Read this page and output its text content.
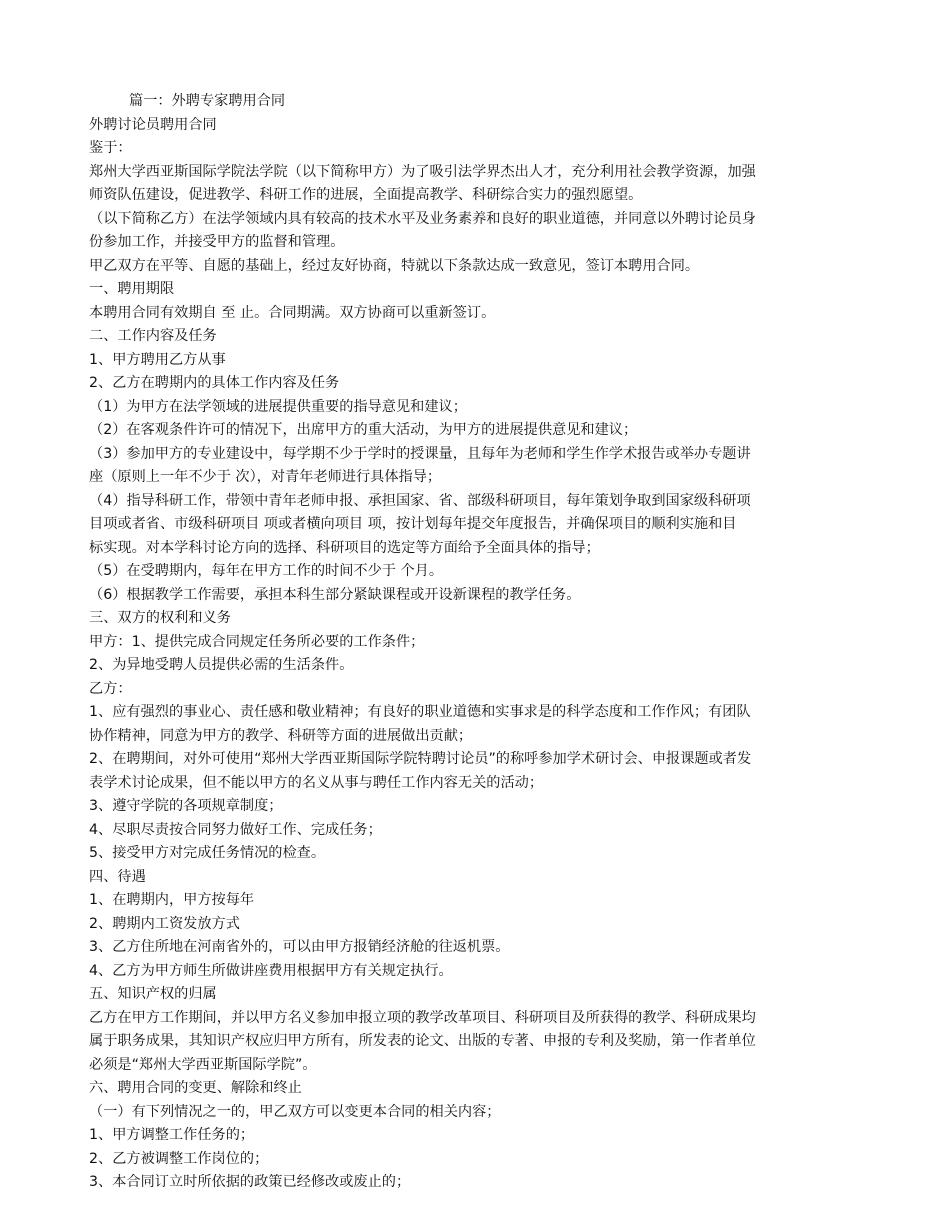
篇一：外聘专家聘用合同
外聘讨论员聘用合同
鉴于：
郑州大学西亚斯国际学院法学院（以下简称甲方）为了吸引法学界杰出人才，充分利用社会教学资源，加强
师资队伍建设，促进教学、科研工作的进展，全面提高教学、科研综合实力的强烈愿望。
（以下简称乙方）在法学领域内具有较高的技术水平及业务素养和良好的职业道德，并同意以外聘讨论员身
份参加工作，并接受甲方的监督和管理。
甲乙双方在平等、自愿的基础上，经过友好协商，特就以下条款达成一致意见，签订本聘用合同。
一、聘用期限
本聘用合同有效期自 至 止。合同期满。双方协商可以重新签订。
二、工作内容及任务
1、甲方聘用乙方从事
2、乙方在聘期内的具体工作内容及任务
（1）为甲方在法学领域的进展提供重要的指导意见和建议；
（2）在客观条件许可的情况下，出席甲方的重大活动，为甲方的进展提供意见和建议；
（3）参加甲方的专业建设中，每学期不少于学时的授课量，且每年为老师和学生作学术报告或举办专题讲
座（原则上一年不少于 次），对青年老师进行具体指导；
（4）指导科研工作，带领中青年老师申报、承担国家、省、部级科研项目，每年策划争取到国家级科研项
目项或者省、市级科研项目 项或者横向项目 项，按计划每年提交年度报告，并确保项目的顺利实施和目
标实现。对本学科讨论方向的选择、科研项目的选定等方面给予全面具体的指导；
（5）在受聘期内，每年在甲方工作的时间不少于 个月。
（6）根据教学工作需要，承担本科生部分紧缺课程或开设新课程的教学任务。
三、双方的权利和义务
甲方：1、提供完成合同规定任务所必要的工作条件；
2、为异地受聘人员提供必需的生活条件。
乙方：
1、应有强烈的事业心、责任感和敬业精神；有良好的职业道德和实事求是的科学态度和工作作风；有团队
协作精神，同意为甲方的教学、科研等方面的进展做出贡献；
2、在聘期间，对外可使用“郑州大学西亚斯国际学院特聘讨论员”的称呼参加学术研讨会、申报课题或者发
表学术讨论成果，但不能以甲方的名义从事与聘任工作内容无关的活动；
3、遵守学院的各项规章制度；
4、尽职尽责按合同努力做好工作、完成任务；
5、接受甲方对完成任务情况的检查。
四、待遇
1、在聘期内，甲方按每年
2、聘期内工资发放方式
3、乙方住所地在河南省外的，可以由甲方报销经济舱的往返机票。
4、乙方为甲方师生所做讲座费用根据甲方有关规定执行。
五、知识产权的归属
乙方在甲方工作期间，并以甲方名义参加申报立项的教学改革项目、科研项目及所获得的教学、科研成果均
属于职务成果，其知识产权应归甲方所有，所发表的论文、出版的专著、申报的专利及奖励，第一作者单位
必须是“郑州大学西亚斯国际学院”。
六、聘用合同的变更、解除和终止
（一）有下列情况之一的，甲乙双方可以变更本合同的相关内容；
1、甲方调整工作任务的；
2、乙方被调整工作岗位的；
3、本合同订立时所依据的政策已经修改或废止的；
